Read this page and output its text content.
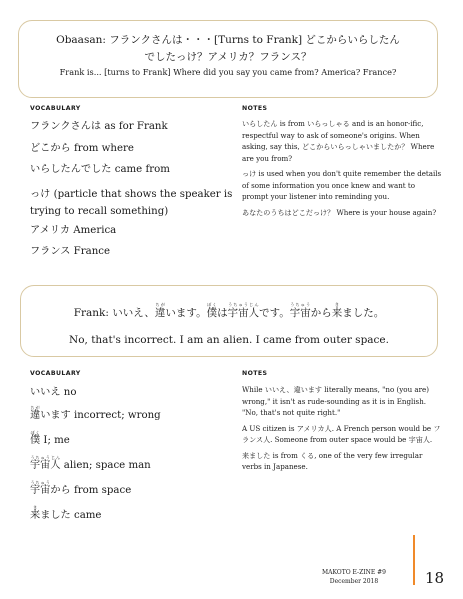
Obaasan: フランクさんは・・・[Turns to Frank] どこからいらしたん
でしたっけ？アメリカ？フランス？
Frank is... [turns to Frank] Where did you say you came from? America? France?
VOCABULARY	NOTES
フランクさんは as for Frank
どこから from where
いらしたんでした came from
っけ (particle that shows the speaker is trying to recall something)
アメリカ America
フランス France
いらしたん is from いらっしゃる and is an honor-ific, respectful way to ask of someone's origins. When asking, say this, どこからいらっしゃいましたか？ Where are you from?
っけ is used when you don't quite remember the details of some information you once knew and want to prompt your listener into reminding you.
あなたのうちはどこだっけ？ Where is your house again?
Frank: いいえ、違ちがいます。僕ぼくは宇宙人うちゅうじんです。宇宙うちゅうから来きました。
No, that's incorrect. I am an alien. I came from outer space.
VOCABULARY	NOTES
いいえ no
違ちがいます incorrect; wrong
僕ぼく I; me
宇宙人うちゅうじん alien; space man
宇宙うちゅうから from space
来きました came
While いいえ、違います literally means, "no (you are) wrong," it isn't as rude-sounding as it is in English. "No, that's not quite right."
A US citizen is アメリカ人. A French person would be フランス人. Someone from outer space would be 宇宙人.
来ました is from くる, one of the very few irregular verbs in Japanese.
MAKOTO E-ZINE #9
December 2018	18
